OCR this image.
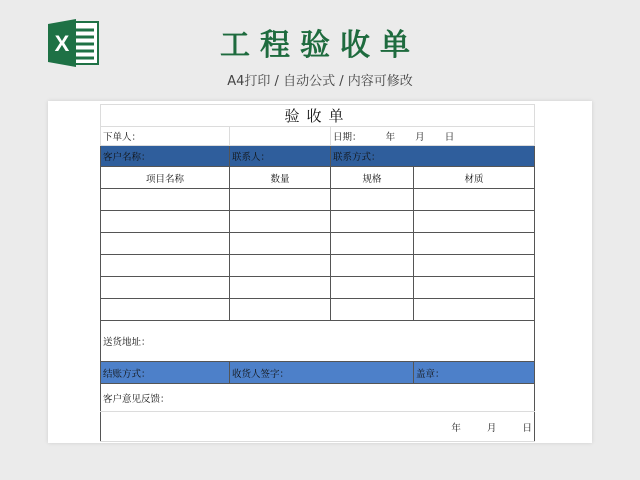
X	工程验收单
A4打印 / 自动公式 / 内容可修改
验收单			
下单人：		日期： 年 月 日	
客户名称：	联系人：	联系方式：	
项目名称	数量	规格	材质

送货地址：			
结账方式：	收货人签字：		盖章：
客户意见反馈：			
年 月 日			
